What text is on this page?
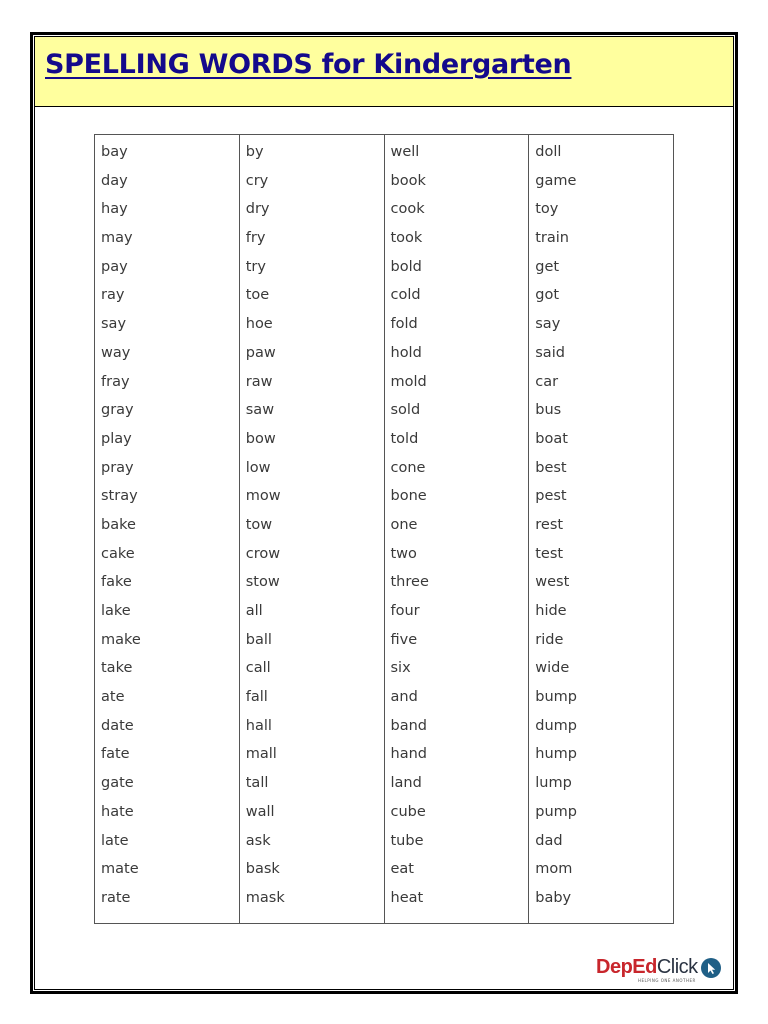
SPELLING WORDS for Kindergarten
bay
day
hay
may
pay
ray
say
way
fray
gray
play
pray
stray
bake
cake
fake
lake
make
take
ate
date
fate
gate
hate
late
mate
rate
by
cry
dry
fry
try
toe
hoe
paw
raw
saw
bow
low
mow
tow
crow
stow
all
ball
call
fall
hall
mall
tall
wall
ask
bask
mask
well
book
cook
took
bold
cold
fold
hold
mold
sold
told
cone
bone
one
two
three
four
five
six
and
band
hand
land
cube
tube
eat
heat
doll
game
toy
train
get
got
say
said
car
bus
boat
best
pest
rest
test
west
hide
ride
wide
bump
dump
hump
lump
pump
dad
mom
baby
DepEdClick
HELPING ONE ANOTHER
